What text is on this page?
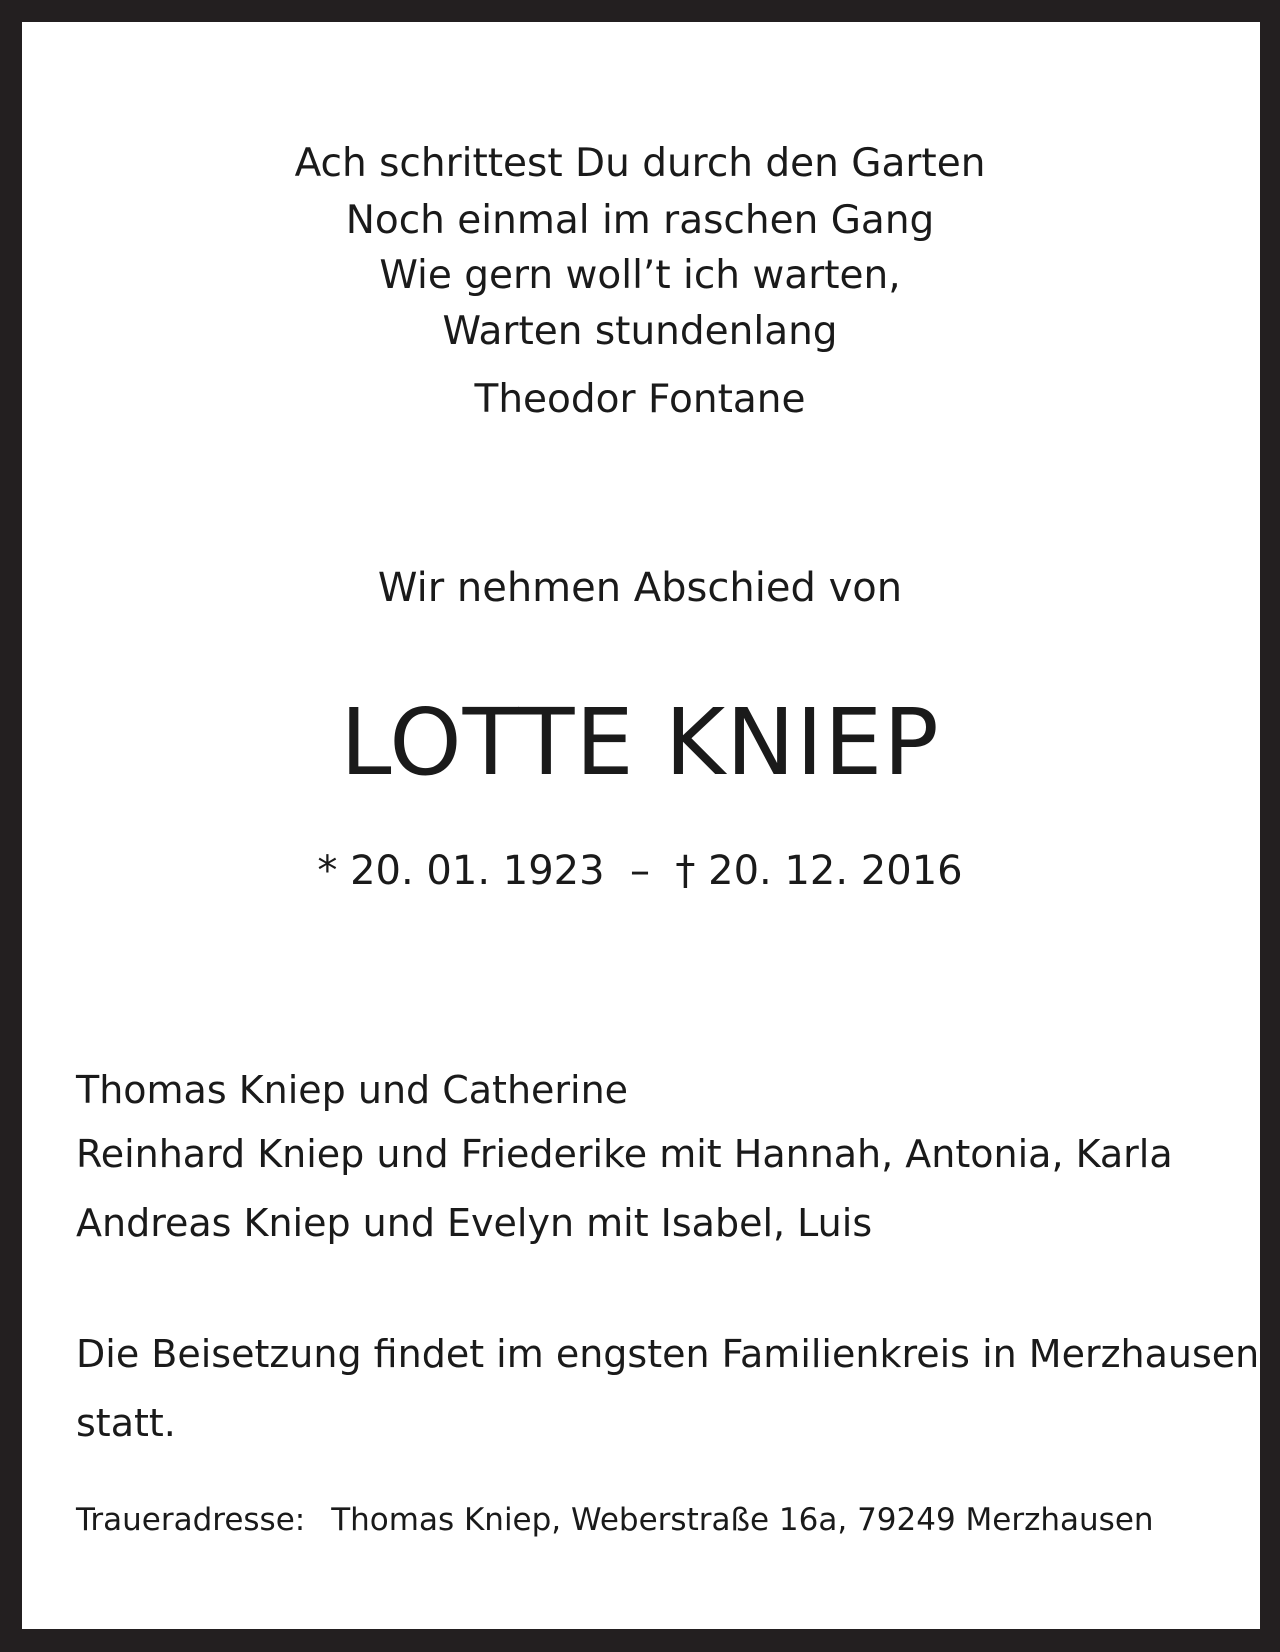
Ach schrittest Du durch den Garten

Noch einmal im raschen Gang

Wie gern woll’t ich warten,

Warten stundenlang

Theodor Fontane

Wir nehmen Abschied von

LOTTE KNIEP

* 20. 01. 1923  –  † 20. 12. 2016

Thomas Kniep und Catherine

Reinhard Kniep und Friederike mit Hannah, Antonia, Karla

Andreas Kniep und Evelyn mit Isabel, Luis

Die Beisetzung findet im engsten Familienkreis in Merzhausen

statt.

Traueradresse: Thomas Kniep, Weberstraße 16a, 79249 Merzhausen
